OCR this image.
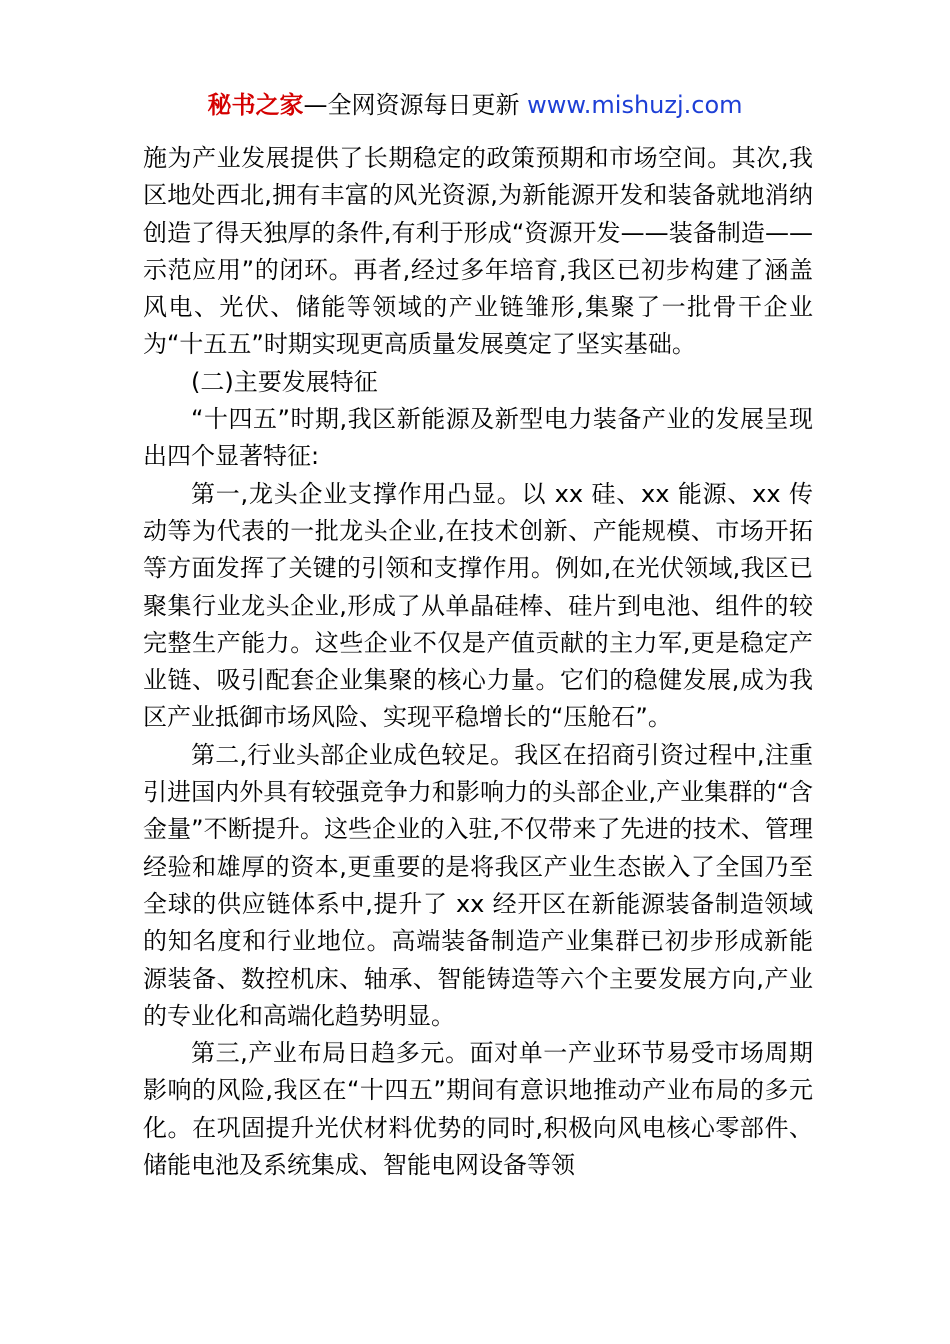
秘书之家—全网资源每日更新 www.mishuzj.com

施为产业发展提供了长期稳定的政策预期和市场空间。其次,我区地处西北,拥有丰富的风光资源,为新能源开发和装备就地消纳创造了得天独厚的条件,有利于形成“资源开发——装备制造——示范应用”的闭环。再者,经过多年培育,我区已初步构建了涵盖风电、光伏、储能等领域的产业链雏形,集聚了一批骨干企业为“十五五”时期实现更高质量发展奠定了坚实基础。

(二)主要发展特征

“十四五”时期,我区新能源及新型电力装备产业的发展呈现出四个显著特征:

第一,龙头企业支撑作用凸显。以 xx 硅、xx 能源、xx 传动等为代表的一批龙头企业,在技术创新、产能规模、市场开拓等方面发挥了关键的引领和支撑作用。例如,在光伏领域,我区已聚集行业龙头企业,形成了从单晶硅棒、硅片到电池、组件的较完整生产能力。这些企业不仅是产值贡献的主力军,更是稳定产业链、吸引配套企业集聚的核心力量。它们的稳健发展,成为我区产业抵御市场风险、实现平稳增长的“压舱石”。

第二,行业头部企业成色较足。我区在招商引资过程中,注重引进国内外具有较强竞争力和影响力的头部企业,产业集群的“含金量”不断提升。这些企业的入驻,不仅带来了先进的技术、管理经验和雄厚的资本,更重要的是将我区产业生态嵌入了全国乃至全球的供应链体系中,提升了 xx 经开区在新能源装备制造领域的知名度和行业地位。高端装备制造产业集群已初步形成新能源装备、数控机床、轴承、智能铸造等六个主要发展方向,产业的专业化和高端化趋势明显。

第三,产业布局日趋多元。面对单一产业环节易受市场周期影响的风险,我区在“十四五”期间有意识地推动产业布局的多元化。在巩固提升光伏材料优势的同时,积极向风电核心零部件、储能电池及系统集成、智能电网设备等领
